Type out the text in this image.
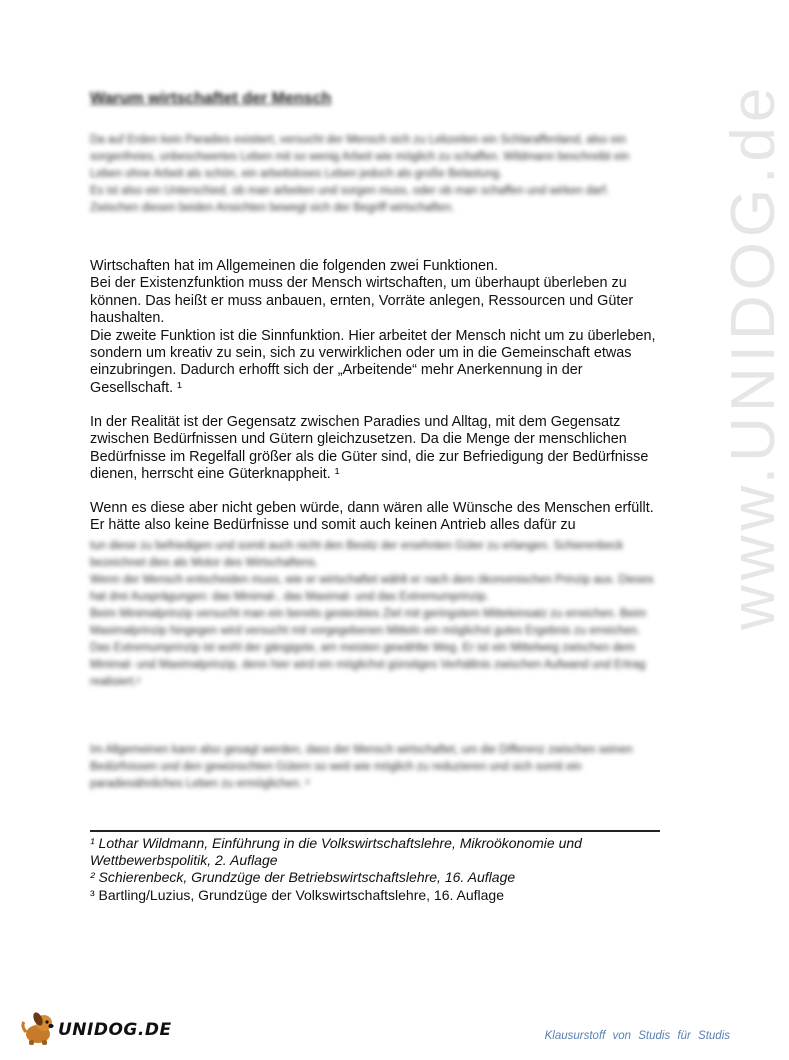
www.UNIDOG.de
Warum wirtschaftet der Mensch

Da auf Erden kein Paradies existiert, versucht der Mensch sich zu Lebzeiten ein Schlaraffenland, also ein sorgenfreies, unbeschwertes Leben mit so wenig Arbeit wie möglich zu schaffen. Wildmann beschreibt ein Leben ohne Arbeit als schön, ein arbeitsloses Leben jedoch als große Belastung.
Es ist also ein Unterschied, ob man arbeiten und sorgen muss, oder ob man schaffen und wirken darf. Zwischen diesen beiden Ansichten bewegt sich der Begriff wirtschaften.

Wirtschaften hat im Allgemeinen die folgenden zwei Funktionen.
Bei der Existenzfunktion muss der Mensch wirtschaften, um überhaupt überleben zu können. Das heißt er muss anbauen, ernten, Vorräte anlegen, Ressourcen und Güter haushalten.
Die zweite Funktion ist die Sinnfunktion. Hier arbeitet der Mensch nicht um zu überleben, sondern um kreativ zu sein, sich zu verwirklichen oder um in die Gemeinschaft etwas einzubringen. Dadurch erhofft sich der „Arbeitende“ mehr Anerkennung in der Gesellschaft. ¹

In der Realität ist der Gegensatz zwischen Paradies und Alltag, mit dem Gegensatz zwischen Bedürfnissen und Gütern gleichzusetzen. Da die Menge der menschlichen Bedürfnisse im Regelfall größer als die Güter sind, die zur Befriedigung der Bedürfnisse dienen, herrscht eine Güterknappheit. ¹

Wenn es diese aber nicht geben würde, dann wären alle Wünsche des Menschen erfüllt. Er hätte also keine Bedürfnisse und somit auch keinen Antrieb alles dafür zu

tun diese zu befriedigen und somit auch nicht den Besitz der ersehnten Güter zu erlangen. Schierenbeck bezeichnet dies als Motor des Wirtschaftens.
Wenn der Mensch entscheiden muss, wie er wirtschaftet wählt er nach dem ökonomischen Prinzip aus. Dieses hat drei Ausprägungen: das Minimal-, das Maximal- und das Extremumprinzip.
Beim Minimalprinzip versucht man ein bereits gestecktes Ziel mit geringstem Mitteleinsatz zu erreichen. Beim Maximalprinzip hingegen wird versucht mit vorgegebenen Mitteln ein möglichst gutes Ergebnis zu erreichen. Das Extremumprinzip ist wohl der gängigste, am meisten gewählte Weg. Er ist ein Mittelweg zwischen dem Minimal- und Maximalprinzip, denn hier wird ein möglichst günstiges Verhältnis zwischen Aufwand und Ertrag realisiert.²

Im Allgemeinen kann also gesagt werden, dass der Mensch wirtschaftet, um die Differenz zwischen seinen Bedürfnissen und den gewünschten Gütern so weit wie möglich zu reduzieren und sich somit ein paradiesähnliches Leben zu ermöglichen. ³

¹ Lothar Wildmann, Einführung in die Volkswirtschaftslehre, Mikroökonomie und Wettbewerbspolitik, 2. Auflage
² Schierenbeck, Grundzüge der Betriebswirtschaftslehre, 16. Auflage
³ Bartling/Luzius, Grundzüge der Volkswirtschaftslehre, 16. Auflage
UNIDOG.DE	Klausurstoff von Studis für Studis
